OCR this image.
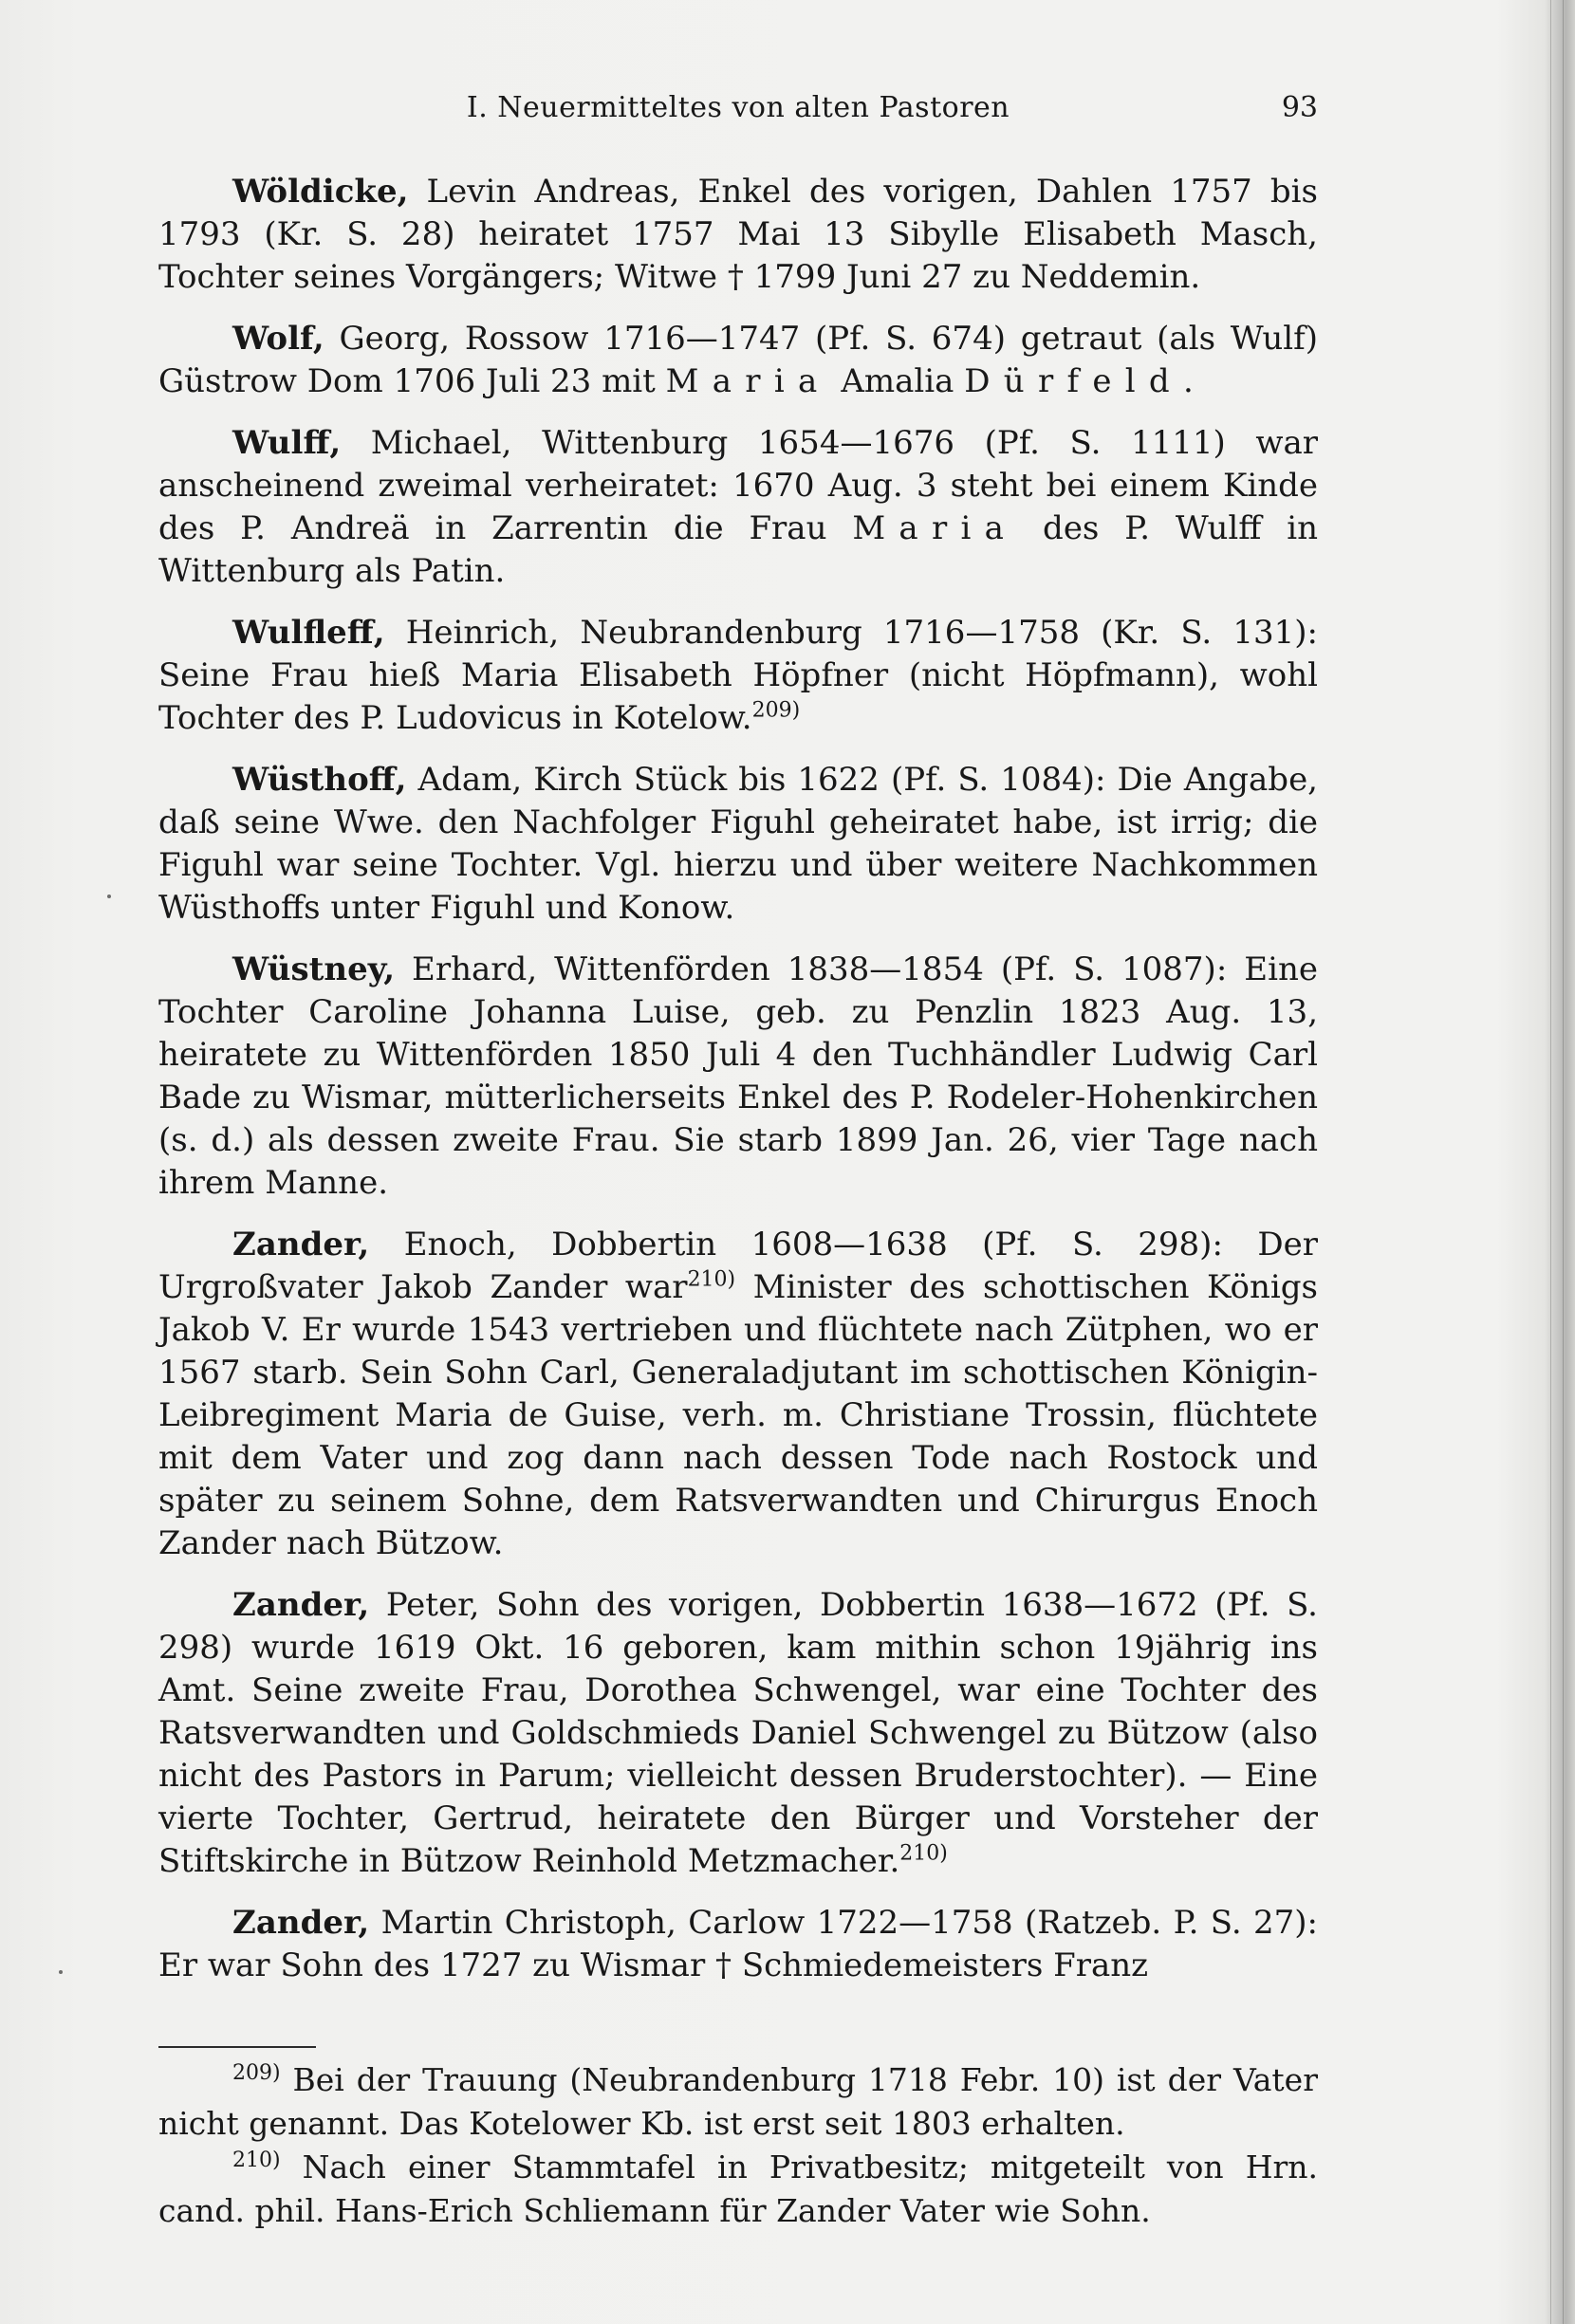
I. Neuermitteltes von alten Pastoren	93

Wöldicke, Levin Andreas, Enkel des vorigen, Dahlen 1757 bis 1793 (Kr. S. 28) heiratet 1757 Mai 13 Sibylle Elisabeth Masch, Tochter seines Vorgängers; Witwe † 1799 Juni 27 zu Neddemin.

Wolf, Georg, Rossow 1716—1747 (Pf. S. 674) getraut (als Wulf) Güstrow Dom 1706 Juli 23 mit Maria Amalia Dürfeld.

Wulff, Michael, Wittenburg 1654—1676 (Pf. S. 1111) war anscheinend zweimal verheiratet: 1670 Aug. 3 steht bei einem Kinde des P. Andreä in Zarrentin die Frau Maria des P. Wulff in Wittenburg als Patin.

Wulfleff, Heinrich, Neubrandenburg 1716—1758 (Kr. S. 131): Seine Frau hieß Maria Elisabeth Höpfner (nicht Höpfmann), wohl Tochter des P. Ludovicus in Kotelow.$^{209)}$

Wüsthoff, Adam, Kirch Stück bis 1622 (Pf. S. 1084): Die Angabe, daß seine Wwe. den Nachfolger Figuhl geheiratet habe, ist irrig; die Figuhl war seine Tochter. Vgl. hierzu und über weitere Nachkommen Wüsthoffs unter Figuhl und Konow.

Wüstney, Erhard, Wittenförden 1838—1854 (Pf. S. 1087): Eine Tochter Caroline Johanna Luise, geb. zu Penzlin 1823 Aug. 13, heiratete zu Wittenförden 1850 Juli 4 den Tuchhändler Ludwig Carl Bade zu Wismar, mütterlicherseits Enkel des P. Rodeler-Hohenkirchen (s. d.) als dessen zweite Frau. Sie starb 1899 Jan. 26, vier Tage nach ihrem Manne.

Zander, Enoch, Dobbertin 1608—1638 (Pf. S. 298): Der Urgroßvater Jakob Zander war$^{210)}$ Minister des schottischen Königs Jakob V. Er wurde 1543 vertrieben und flüchtete nach Zütphen, wo er 1567 starb. Sein Sohn Carl, Generaladjutant im schottischen Königin-Leibregiment Maria de Guise, verh. m. Christiane Trossin, flüchtete mit dem Vater und zog dann nach dessen Tode nach Rostock und später zu seinem Sohne, dem Ratsverwandten und Chirurgus Enoch Zander nach Bützow.

Zander, Peter, Sohn des vorigen, Dobbertin 1638—1672 (Pf. S. 298) wurde 1619 Okt. 16 geboren, kam mithin schon 19jährig ins Amt. Seine zweite Frau, Dorothea Schwengel, war eine Tochter des Ratsverwandten und Goldschmieds Daniel Schwengel zu Bützow (also nicht des Pastors in Parum; vielleicht dessen Bruderstochter). — Eine vierte Tochter, Gertrud, heiratete den Bürger und Vorsteher der Stiftskirche in Bützow Reinhold Metzmacher.$^{210)}$

Zander, Martin Christoph, Carlow 1722—1758 (Ratzeb. P. S. 27): Er war Sohn des 1727 zu Wismar † Schmiedemeisters Franz

$^{209)}$ Bei der Trauung (Neubrandenburg 1718 Febr. 10) ist der Vater nicht genannt. Das Kotelower Kb. ist erst seit 1803 erhalten.

$^{210)}$ Nach einer Stammtafel in Privatbesitz; mitgeteilt von Hrn. cand. phil. Hans-Erich Schliemann für Zander Vater wie Sohn.
